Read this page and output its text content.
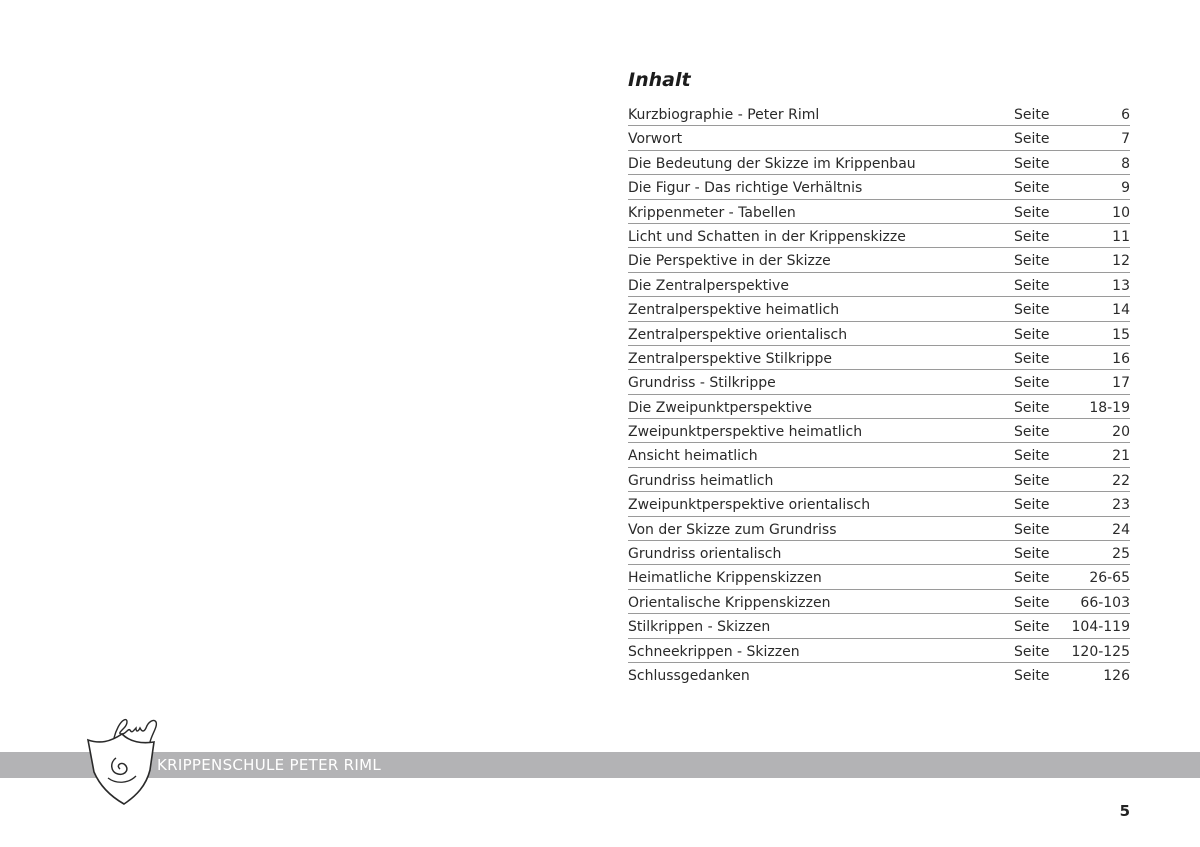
Inhalt
Kurzbiographie - Peter Riml	Seite	6
Vorwort	Seite	7
Die Bedeutung der Skizze im Krippenbau	Seite	8
Die Figur - Das richtige Verhältnis	Seite	9
Krippenmeter - Tabellen	Seite	10
Licht und Schatten in der Krippenskizze	Seite	11
Die Perspektive in der Skizze	Seite	12
Die Zentralperspektive	Seite	13
Zentralperspektive heimatlich	Seite	14
Zentralperspektive orientalisch	Seite	15
Zentralperspektive Stilkrippe	Seite	16
Grundriss - Stilkrippe	Seite	17
Die Zweipunktperspektive	Seite	18-19
Zweipunktperspektive heimatlich	Seite	20
Ansicht heimatlich	Seite	21
Grundriss heimatlich	Seite	22
Zweipunktperspektive orientalisch	Seite	23
Von der Skizze zum Grundriss	Seite	24
Grundriss orientalisch	Seite	25
Heimatliche Krippenskizzen	Seite	26-65
Orientalische Krippenskizzen	Seite 66-103
Stilkrippen - Skizzen	Seite 104-119
Schneekrippen - Skizzen	Seite 120-125
Schlussgedanken	Seite	126
KRIPPENSCHULE PETER RIML
5
